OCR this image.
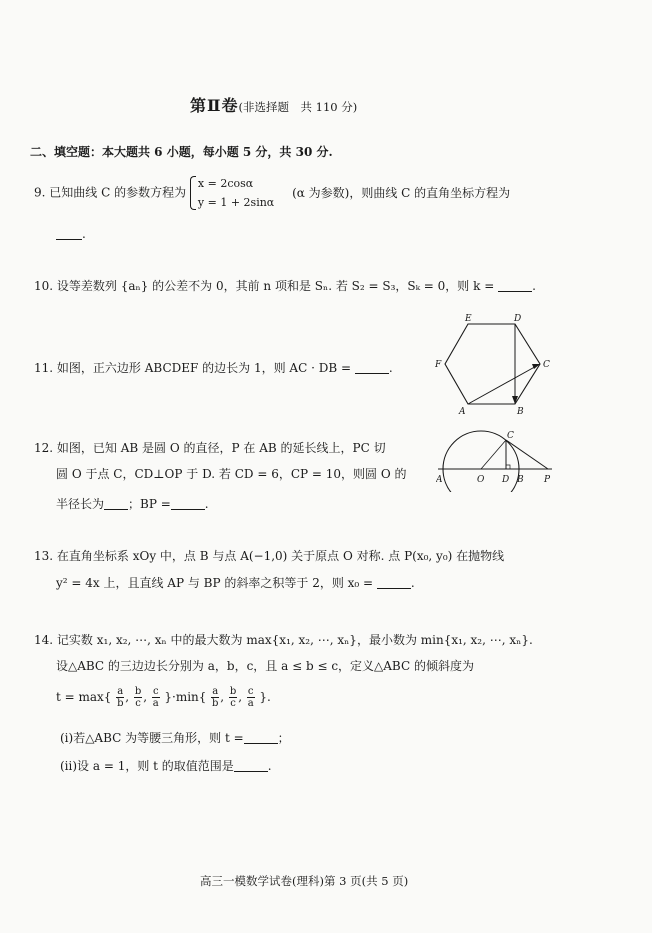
第Ⅱ卷(非选择题　共 110 分)
二、填空题：本大题共 6 小题，每小题 5 分，共 30 分.
9. 已知曲线 C 的参数方程为
x = 2cosα
y = 1 + 2sinα
(α 为参数)，则曲线 C 的直角坐标方程为
.
10. 设等差数列 {aₙ} 的公差不为 0，其前 n 项和是 Sₙ. 若 S₂ = S₃，Sₖ = 0，则 k =	.
11. 如图，正六边形 ABCDEF 的边长为 1，则 AC · DB =	.
A	B
C
D
E
F
12. 如图，已知 AB 是圆 O 的直径，P 在 AB 的延长线上，PC 切
圆 O 于点 C，CD⊥OP 于 D. 若 CD = 6，CP = 10，则圆 O 的
半径长为 ；BP =	.
C
A	O D B P
13. 在直角坐标系 xOy 中，点 B 与点 A(−1,0) 关于原点 O 对称. 点 P(x₀, y₀) 在抛物线
y² = 4x 上，且直线 AP 与 BP 的斜率之积等于 2，则 x₀ =	.
14. 记实数 x₁, x₂, ⋯, xₙ 中的最大数为 max{x₁, x₂, ⋯, xₙ}，最小数为 min{x₁, x₂, ⋯, xₙ}.
设△ABC 的三边边长分别为 a，b，c，且 a ≤ b ≤ c，定义△ABC 的倾斜度为
$t = \max\{ \frac{a}{b}$ , $\frac{b}{c}$ , $\frac{c}{a} \}\cdot\min\{ \frac{a}{b}$ , $\frac{b}{c}$ , $\frac{c}{a}$ }.
(ⅰ)若△ABC 为等腰三角形，则 t =	；
(ⅱ)设 a = 1，则 t 的取值范围是	.
高三一模数学试卷(理科)第 3 页(共 5 页)
